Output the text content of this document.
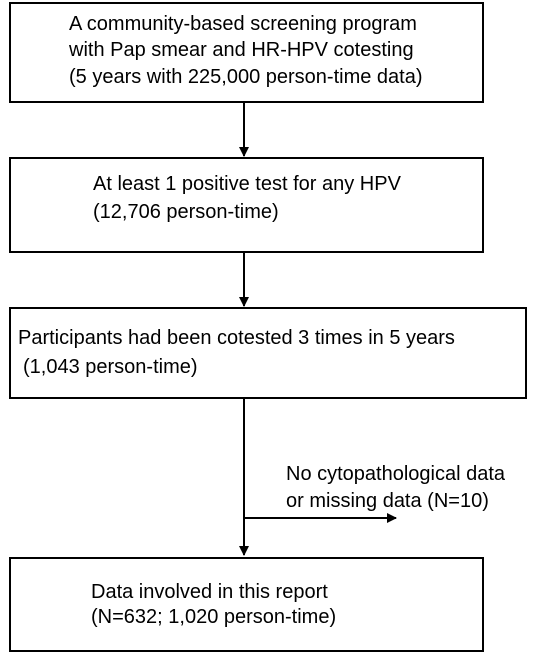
A community-based screening program
with Pap smear and HR-HPV cotesting
(5 years with 225,000 person-time data)
At least 1 positive test for any HPV
(12,706 person-time)
Participants had been cotested 3 times in 5 years
(1,043 person-time)
No cytopathological data
or missing data (N=10)
Data involved in this report
(N=632; 1,020 person-time)
